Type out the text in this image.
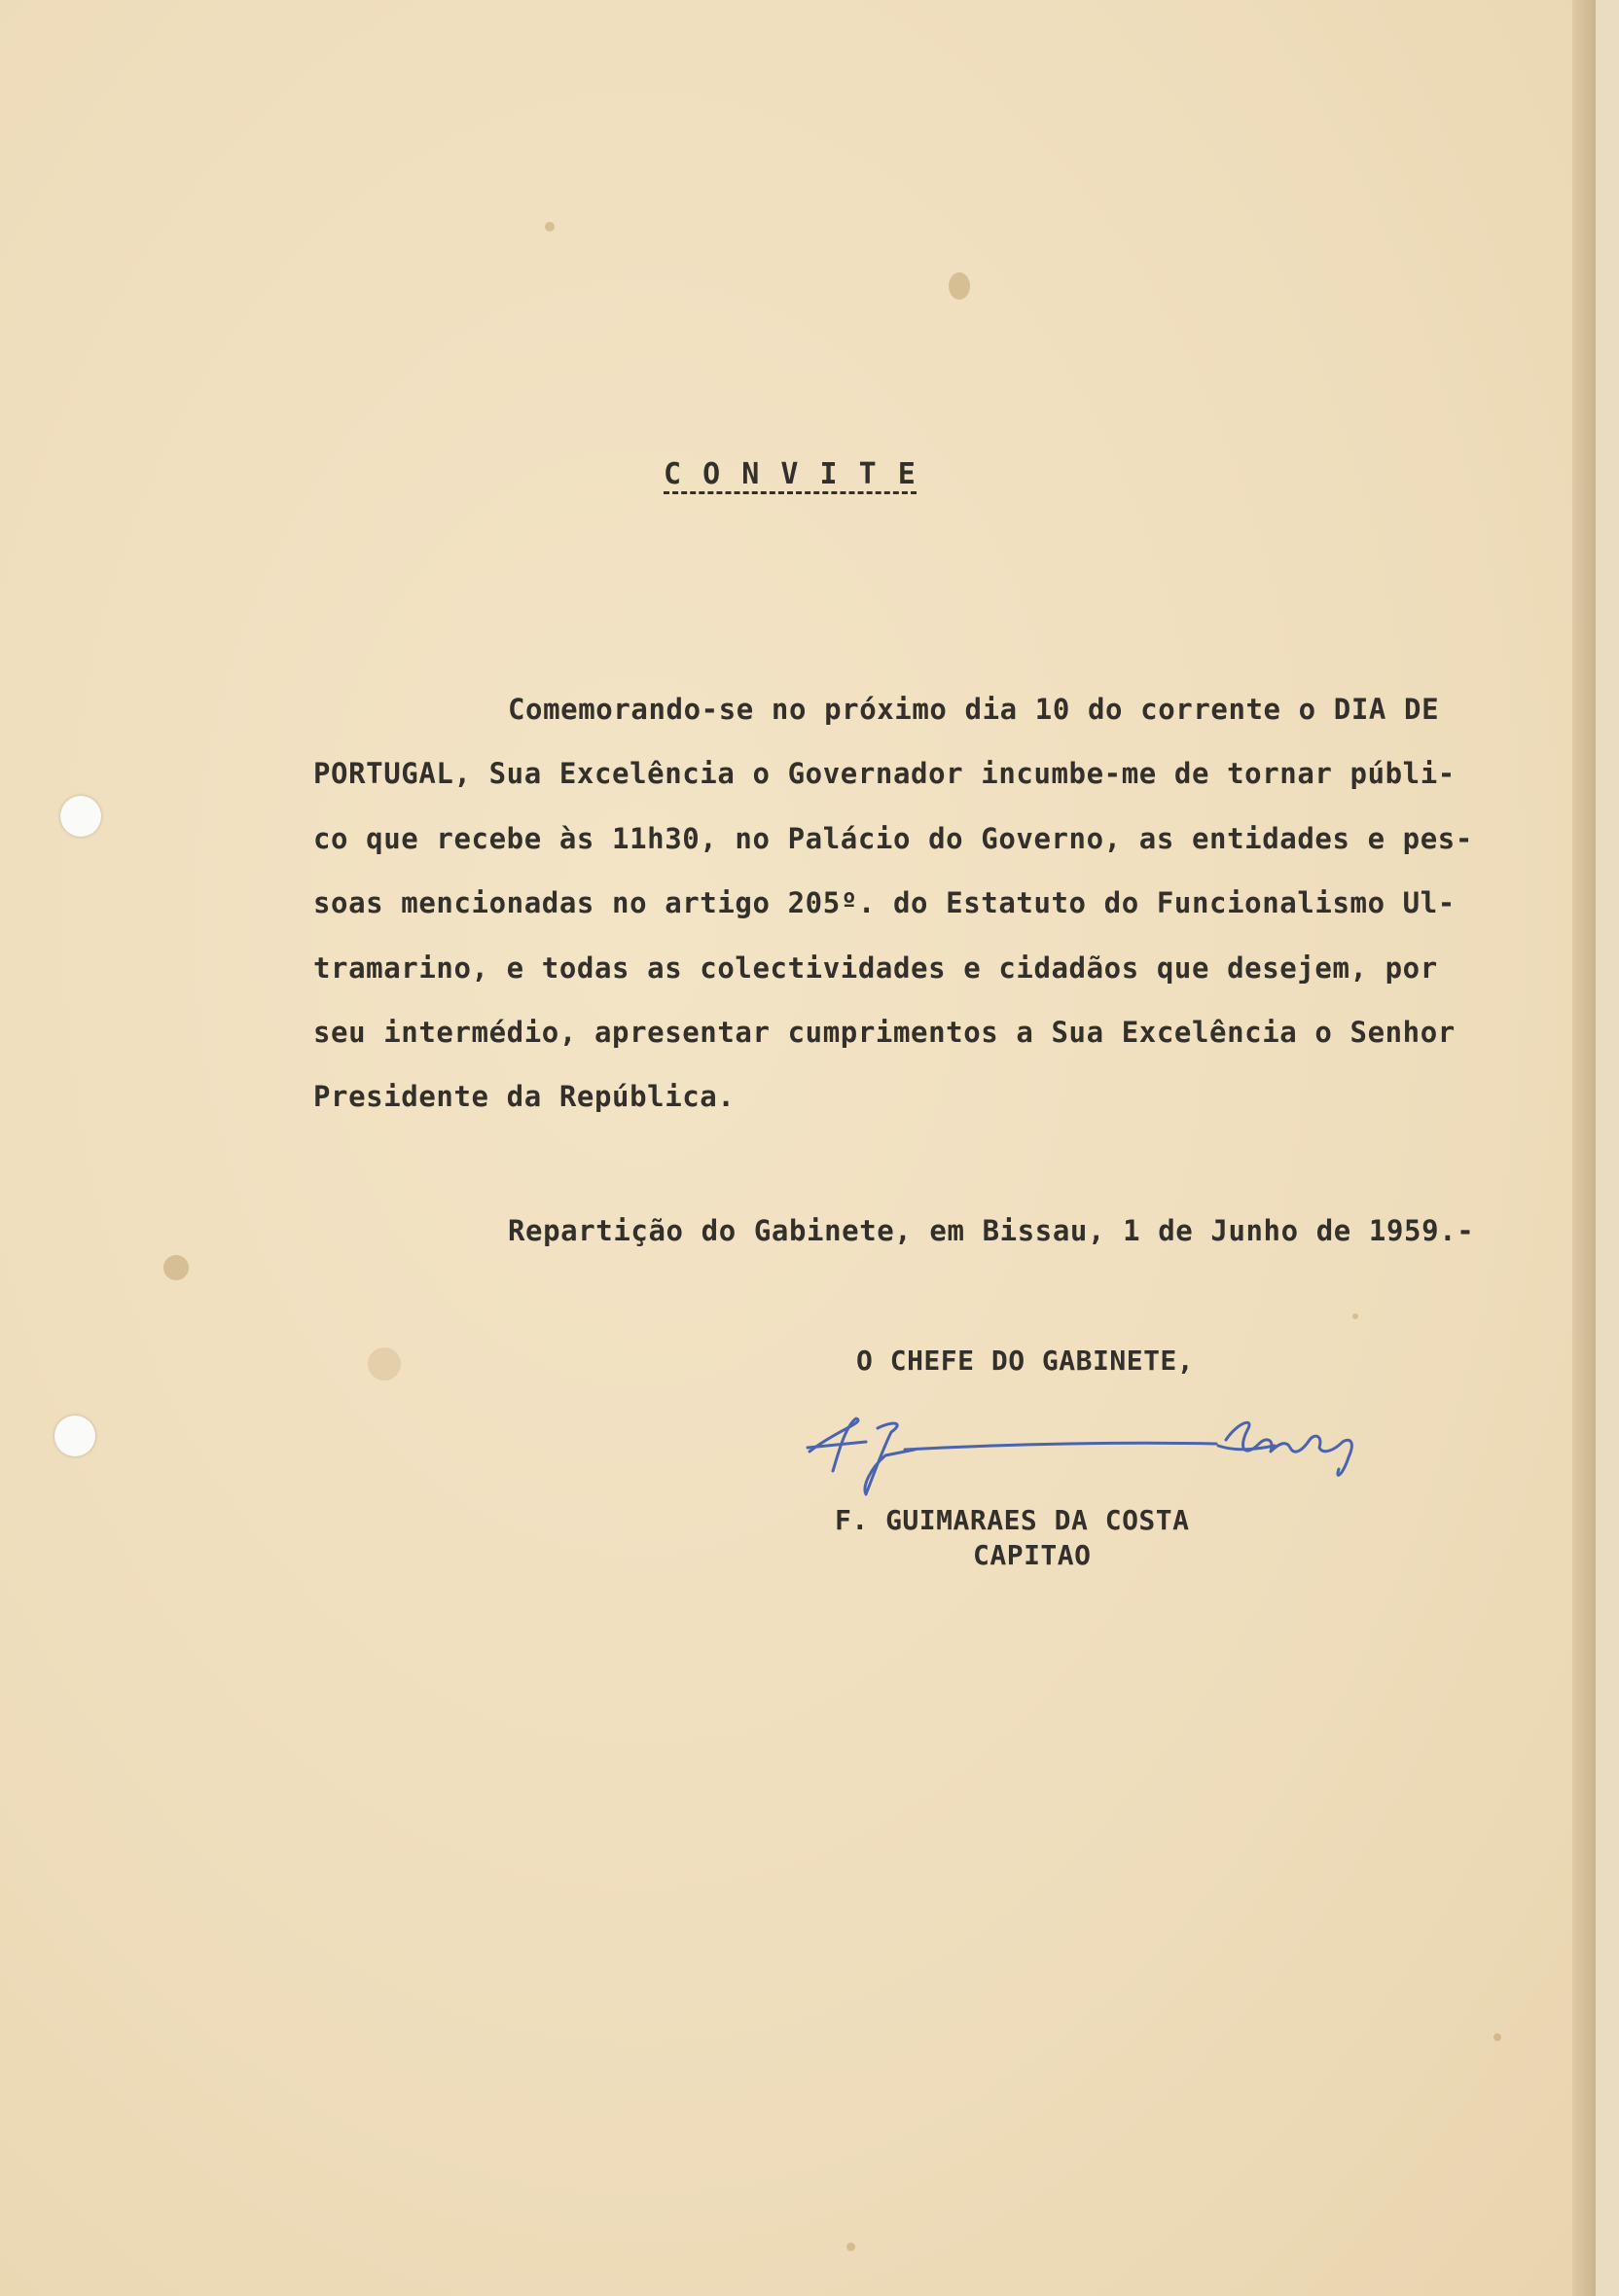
C O N V I T E
Comemorando-se no próximo dia 10 do corrente o DIA DE
PORTUGAL, Sua Excelência o Governador incumbe-me de tornar públi-
co que recebe às 11h30, no Palácio do Governo, as entidades e pes-
soas mencionadas no artigo 205º. do Estatuto do Funcionalismo Ul-
tramarino, e todas as colectividades e cidadãos que desejem, por
seu intermédio, apresentar cumprimentos a Sua Excelência o Senhor
Presidente da República.
Repartição do Gabinete, em Bissau, 1 de Junho de 1959.-
O CHEFE DO GABINETE,
F. GUIMARAES DA COSTA
CAPITAO
